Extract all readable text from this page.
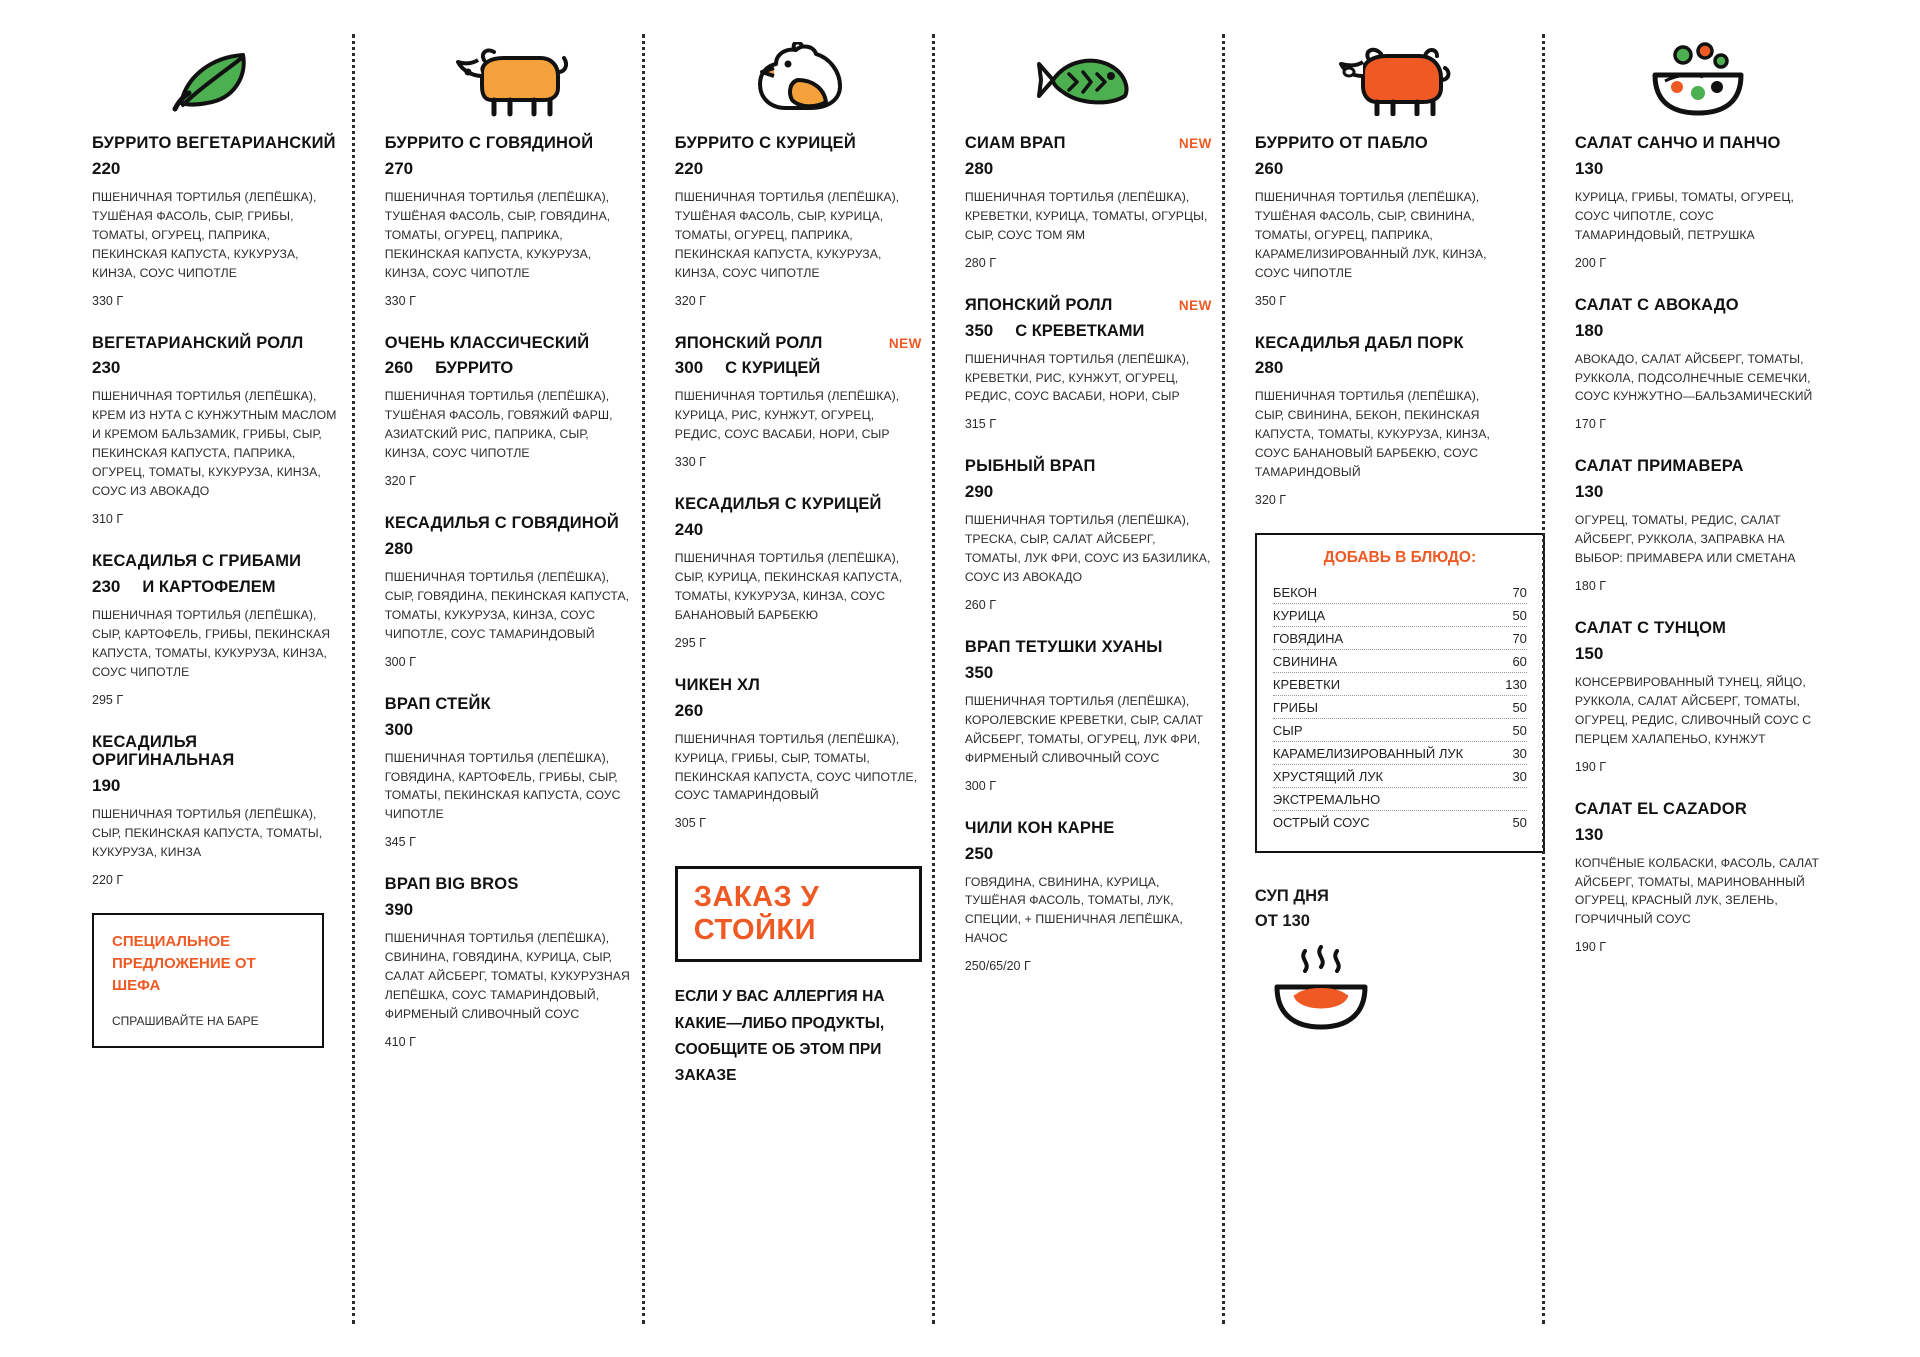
БУРРИТО ВЕГЕТАРИАНСКИЙ
220
ПШЕНИЧНАЯ ТОРТИЛЬЯ (ЛЕПЁШКА), ТУШЁНАЯ ФАСОЛЬ, СЫР, ГРИБЫ, ТОМАТЫ, ОГУРЕЦ, ПАПРИКА, ПЕКИНСКАЯ КАПУСТА, КУКУРУЗА, КИНЗА, СОУС ЧИПОТЛЕ
330 Г
ВЕГЕТАРИАНСКИЙ РОЛЛ
230
ПШЕНИЧНАЯ ТОРТИЛЬЯ (ЛЕПЁШКА), КРЕМ ИЗ НУТА С КУНЖУТНЫМ МАСЛОМ И КРЕМОМ БАЛЬЗАМИК, ГРИБЫ, СЫР, ПЕКИНСКАЯ КАПУСТА, ПАПРИКА, ОГУРЕЦ, ТОМАТЫ, КУКУРУЗА, КИНЗА, СОУС ИЗ АВОКАДО
310 Г
КЕСАДИЛЬЯ С ГРИБАМИ
230 И КАРТОФЕЛЕМ
ПШЕНИЧНАЯ ТОРТИЛЬЯ (ЛЕПЁШКА), СЫР, КАРТОФЕЛЬ, ГРИБЫ, ПЕКИНСКАЯ КАПУСТА, ТОМАТЫ, КУКУРУЗА, КИНЗА, СОУС ЧИПОТЛЕ
295 Г
КЕСАДИЛЬЯ ОРИГИНАЛЬНАЯ
190
ПШЕНИЧНАЯ ТОРТИЛЬЯ (ЛЕПЁШКА), СЫР, ПЕКИНСКАЯ КАПУСТА, ТОМАТЫ, КУКУРУЗА, КИНЗА
220 Г
СПЕЦИАЛЬНОЕ ПРЕДЛОЖЕНИЕ ОТ ШЕФА
СПРАШИВАЙТЕ НА БАРЕ
БУРРИТО С ГОВЯДИНОЙ
270
ПШЕНИЧНАЯ ТОРТИЛЬЯ (ЛЕПЁШКА), ТУШЁНАЯ ФАСОЛЬ, СЫР, ГОВЯДИНА, ТОМАТЫ, ОГУРЕЦ, ПАПРИКА, ПЕКИНСКАЯ КАПУСТА, КУКУРУЗА, КИНЗА, СОУС ЧИПОТЛЕ
330 Г
ОЧЕНЬ КЛАССИЧЕСКИЙ
260 БУРРИТО
ПШЕНИЧНАЯ ТОРТИЛЬЯ (ЛЕПЁШКА), ТУШЁНАЯ ФАСОЛЬ, ГОВЯЖИЙ ФАРШ, АЗИАТСКИЙ РИС, ПАПРИКА, СЫР, КИНЗА, СОУС ЧИПОТЛЕ
320 Г
КЕСАДИЛЬЯ С ГОВЯДИНОЙ
280
ПШЕНИЧНАЯ ТОРТИЛЬЯ (ЛЕПЁШКА), СЫР, ГОВЯДИНА, ПЕКИНСКАЯ КАПУСТА, ТОМАТЫ, КУКУРУЗА, КИНЗА, СОУС ЧИПОТЛЕ, СОУС ТАМАРИНДОВЫЙ
300 Г
ВРАП СТЕЙК
300
ПШЕНИЧНАЯ ТОРТИЛЬЯ (ЛЕПЁШКА), ГОВЯДИНА, КАРТОФЕЛЬ, ГРИБЫ, СЫР, ТОМАТЫ, ПЕКИНСКАЯ КАПУСТА, СОУС ЧИПОТЛЕ
345 Г
ВРАП BIG BROS
390
ПШЕНИЧНАЯ ТОРТИЛЬЯ (ЛЕПЁШКА), СВИНИНА, ГОВЯДИНА, КУРИЦА, СЫР, САЛАТ АЙСБЕРГ, ТОМАТЫ, КУКУРУЗНАЯ ЛЕПЁШКА, СОУС ТАМАРИНДОВЫЙ, ФИРМЕНЫЙ СЛИВОЧНЫЙ СОУС
410 Г
БУРРИТО С КУРИЦЕЙ
220
ПШЕНИЧНАЯ ТОРТИЛЬЯ (ЛЕПЁШКА), ТУШЁНАЯ ФАСОЛЬ, СЫР, КУРИЦА, ТОМАТЫ, ОГУРЕЦ, ПАПРИКА, ПЕКИНСКАЯ КАПУСТА, КУКУРУЗА, КИНЗА, СОУС ЧИПОТЛЕ
320 Г
ЯПОНСКИЙ РОЛЛ	NEW
300 С КУРИЦЕЙ
ПШЕНИЧНАЯ ТОРТИЛЬЯ (ЛЕПЁШКА), КУРИЦА, РИС, КУНЖУТ, ОГУРЕЦ, РЕДИС, СОУС ВАСАБИ, НОРИ, СЫР
330 Г
КЕСАДИЛЬЯ С КУРИЦЕЙ
240
ПШЕНИЧНАЯ ТОРТИЛЬЯ (ЛЕПЁШКА), СЫР, КУРИЦА, ПЕКИНСКАЯ КАПУСТА, ТОМАТЫ, КУКУРУЗА, КИНЗА, СОУС БАНАНОВЫЙ БАРБЕКЮ
295 Г
ЧИКЕН ХЛ
260
ПШЕНИЧНАЯ ТОРТИЛЬЯ (ЛЕПЁШКА), КУРИЦА, ГРИБЫ, СЫР, ТОМАТЫ, ПЕКИНСКАЯ КАПУСТА, СОУС ЧИПОТЛЕ, СОУС ТАМАРИНДОВЫЙ
305 Г
ЗАКАЗ У СТОЙКИ
ЕСЛИ У ВАС АЛЛЕРГИЯ НА КАКИЕ—ЛИБО ПРОДУКТЫ, СООБЩИТЕ ОБ ЭТОМ ПРИ ЗАКАЗЕ
СИАМ ВРАП	NEW
280
ПШЕНИЧНАЯ ТОРТИЛЬЯ (ЛЕПЁШКА), КРЕВЕТКИ, КУРИЦА, ТОМАТЫ, ОГУРЦЫ, СЫР, СОУС ТОМ ЯМ
280 Г
ЯПОНСКИЙ РОЛЛ	NEW
350 С КРЕВЕТКАМИ
ПШЕНИЧНАЯ ТОРТИЛЬЯ (ЛЕПЁШКА), КРЕВЕТКИ, РИС, КУНЖУТ, ОГУРЕЦ, РЕДИС, СОУС ВАСАБИ, НОРИ, СЫР
315 Г
РЫБНЫЙ ВРАП
290
ПШЕНИЧНАЯ ТОРТИЛЬЯ (ЛЕПЁШКА), ТРЕСКА, СЫР, САЛАТ АЙСБЕРГ, ТОМАТЫ, ЛУК ФРИ, СОУС ИЗ БАЗИЛИКА, СОУС ИЗ АВОКАДО
260 Г
ВРАП ТЕТУШКИ ХУАНЫ
350
ПШЕНИЧНАЯ ТОРТИЛЬЯ (ЛЕПЁШКА), КОРОЛЕВСКИЕ КРЕВЕТКИ, СЫР, САЛАТ АЙСБЕРГ, ТОМАТЫ, ОГУРЕЦ, ЛУК ФРИ, ФИРМЕНЫЙ СЛИВОЧНЫЙ СОУС
300 Г
ЧИЛИ КОН КАРНЕ
250
ГОВЯДИНА, СВИНИНА, КУРИЦА, ТУШЁНАЯ ФАСОЛЬ, ТОМАТЫ, ЛУК, СПЕЦИИ, + ПШЕНИЧНАЯ ЛЕПЁШКА, НАЧОС
250/65/20 Г
БУРРИТО ОТ ПАБЛО
260
ПШЕНИЧНАЯ ТОРТИЛЬЯ (ЛЕПЁШКА), ТУШЁНАЯ ФАСОЛЬ, СЫР, СВИНИНА, ТОМАТЫ, ОГУРЕЦ, ПАПРИКА, КАРАМЕЛИЗИРОВАННЫЙ ЛУК, КИНЗА, СОУС ЧИПОТЛЕ
350 Г
КЕСАДИЛЬЯ ДАБЛ ПОРК
280
ПШЕНИЧНАЯ ТОРТИЛЬЯ (ЛЕПЁШКА), СЫР, СВИНИНА, БЕКОН, ПЕКИНСКАЯ КАПУСТА, ТОМАТЫ, КУКУРУЗА, КИНЗА, СОУС БАНАНОВЫЙ БАРБЕКЮ, СОУС ТАМАРИНДОВЫЙ
320 Г
ДОБАВЬ В БЛЮДО:
БЕКОН	70
КУРИЦА	50
ГОВЯДИНА	70
СВИНИНА	60
КРЕВЕТКИ	130
ГРИБЫ	50
СЫР	50
КАРАМЕЛИЗИРОВАННЫЙ ЛУК	30
ХРУСТЯЩИЙ ЛУК	30
ЭКСТРЕМАЛЬНО
ОСТРЫЙ СОУС	50
СУП ДНЯ
ОТ 130
САЛАТ САНЧО И ПАНЧО
130
КУРИЦА, ГРИБЫ, ТОМАТЫ, ОГУРЕЦ, СОУС ЧИПОТЛЕ, СОУС ТАМАРИНДОВЫЙ, ПЕТРУШКА
200 Г
САЛАТ С АВОКАДО
180
АВОКАДО, САЛАТ АЙСБЕРГ, ТОМАТЫ, РУККОЛА, ПОДСОЛНЕЧНЫЕ СЕМЕЧКИ, СОУС КУНЖУТНО—БАЛЬЗАМИЧЕСКИЙ
170 Г
САЛАТ ПРИМАВЕРА
130
ОГУРЕЦ, ТОМАТЫ, РЕДИС, САЛАТ АЙСБЕРГ, РУККОЛА, ЗАПРАВКА НА ВЫБОР: ПРИМАВЕРА ИЛИ СМЕТАНА
180 Г
САЛАТ С ТУНЦОМ
150
КОНСЕРВИРОВАННЫЙ ТУНЕЦ, ЯЙЦО, РУККОЛА, САЛАТ АЙСБЕРГ, ТОМАТЫ, ОГУРЕЦ, РЕДИС, СЛИВОЧНЫЙ СОУС С ПЕРЦЕМ ХАЛАПЕНЬО, КУНЖУТ
190 Г
САЛАТ EL CAZADOR
130
КОПЧЁНЫЕ КОЛБАСКИ, ФАСОЛЬ, САЛАТ АЙСБЕРГ, ТОМАТЫ, МАРИНОВАННЫЙ ОГУРЕЦ, КРАСНЫЙ ЛУК, ЗЕЛЕНЬ, ГОРЧИЧНЫЙ СОУС
190 Г
